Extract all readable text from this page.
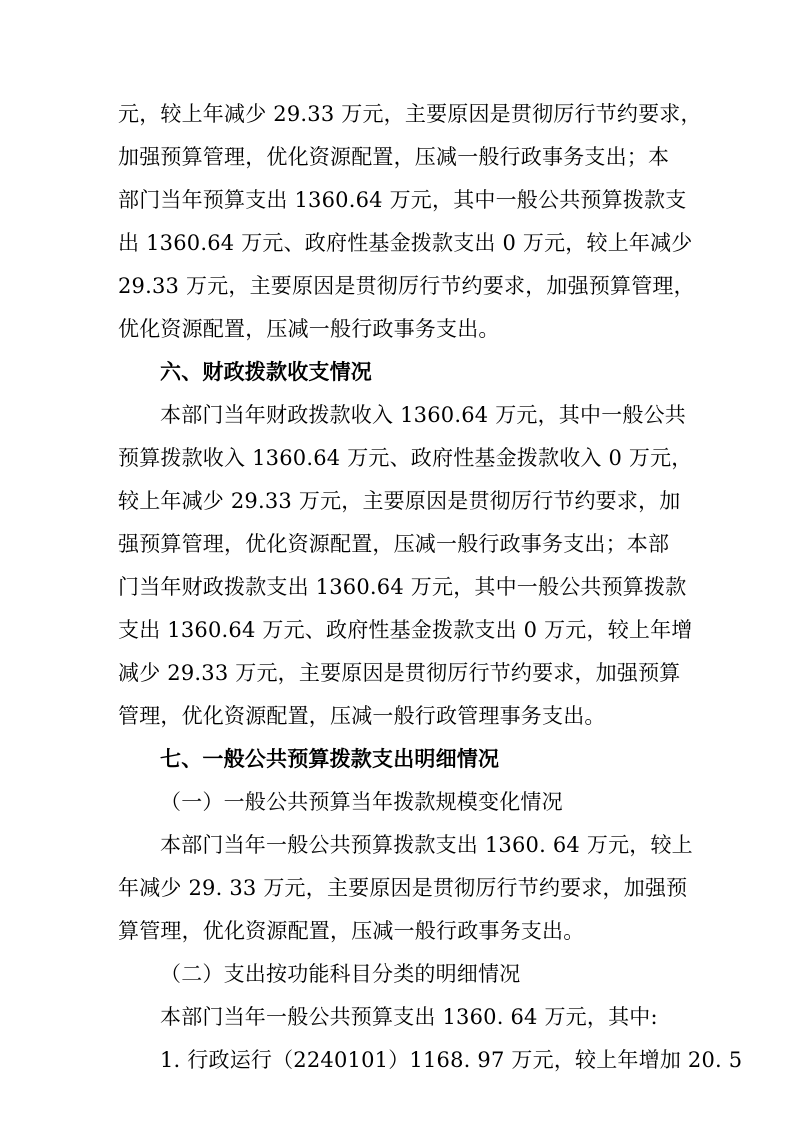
元，较上年减少 29.33 万元，主要原因是贯彻厉行节约要求，
加强预算管理，优化资源配置，压减一般行政事务支出；本
部门当年预算支出 1360.64 万元，其中一般公共预算拨款支
出 1360.64 万元、政府性基金拨款支出 0 万元，较上年减少
29.33 万元，主要原因是贯彻厉行节约要求，加强预算管理，
优化资源配置，压减一般行政事务支出。
六、财政拨款收支情况
本部门当年财政拨款收入 1360.64 万元，其中一般公共
预算拨款收入 1360.64 万元、政府性基金拨款收入 0 万元，
较上年减少 29.33 万元，主要原因是贯彻厉行节约要求，加
强预算管理，优化资源配置，压减一般行政事务支出；本部
门当年财政拨款支出 1360.64 万元，其中一般公共预算拨款
支出 1360.64 万元、政府性基金拨款支出 0 万元，较上年增
减少 29.33 万元，主要原因是贯彻厉行节约要求，加强预算
管理，优化资源配置，压减一般行政管理事务支出。
七、一般公共预算拨款支出明细情况
（一）一般公共预算当年拨款规模变化情况
本部门当年一般公共预算拨款支出 1360. 64 万元，较上
年减少 29. 33 万元，主要原因是贯彻厉行节约要求，加强预
算管理，优化资源配置，压减一般行政事务支出。
（二）支出按功能科目分类的明细情况
本部门当年一般公共预算支出 1360. 64 万元，其中:
1. 行政运行（2240101）1168. 97 万元，较上年增加 20. 5
